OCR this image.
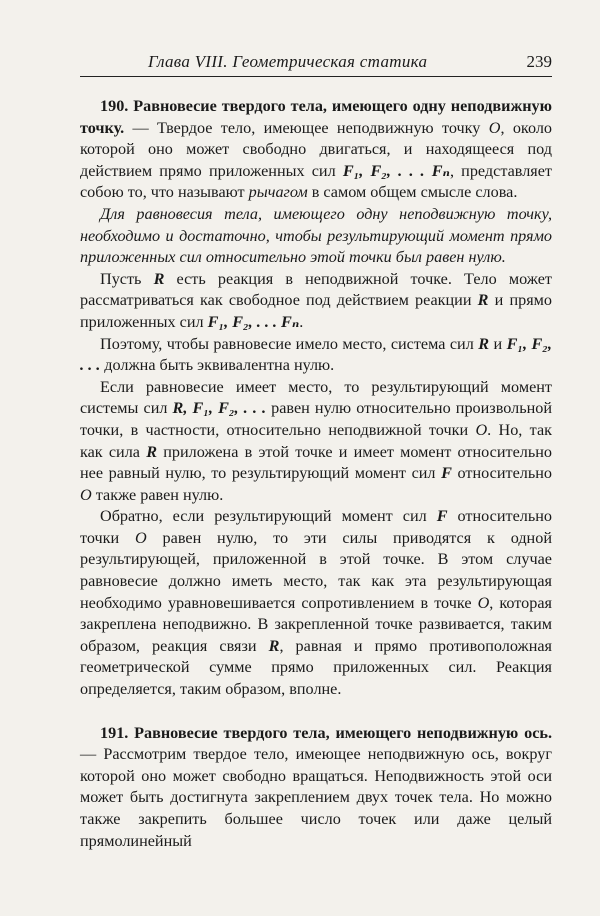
Глава VIII. Геометрическая статика	239

190. Равновесие твердого тела, имеющего одну неподвижную точку. — Твердое тело, имеющее неподвижную точку O, около которой оно может свободно двигаться, и находящееся под действием прямо приложенных сил F₁, F₂, . . . Fₙ, представляет собою то, что называют рычагом в самом общем смысле слова.

Для равновесия тела, имеющего одну неподвижную точку, необходимо и достаточно, чтобы результирующий момент прямо приложенных сил относительно этой точки был равен нулю.

Пусть R есть реакция в неподвижной точке. Тело может рассматриваться как свободное под действием реакции R и прямо приложенных сил F₁, F₂, . . . Fₙ.

Поэтому, чтобы равновесие имело место, система сил R и F₁, F₂, . . . должна быть эквивалентна нулю.

Если равновесие имеет место, то результирующий момент системы сил R, F₁, F₂, . . . равен нулю относительно произвольной точки, в частности, относительно неподвижной точки O. Но, так как сила R приложена в этой точке и имеет момент относительно нее равный нулю, то результирующий момент сил F относительно O также равен нулю.

Обратно, если результирующий момент сил F относительно точки O равен нулю, то эти силы приводятся к одной результирующей, приложенной в этой точке. В этом случае равновесие должно иметь место, так как эта результирующая необходимо уравновешивается сопротивлением в точке O, которая закреплена неподвижно. В закрепленной точке развивается, таким образом, реакция связи R, равная и прямо противоположная геометрической сумме прямо приложенных сил. Реакция определяется, таким образом, вполне.

191. Равновесие твердого тела, имеющего неподвижную ось. — Рассмотрим твердое тело, имеющее неподвижную ось, вокруг которой оно может свободно вращаться. Неподвижность этой оси может быть достигнута закреплением двух точек тела. Но можно также закрепить большее число точек или даже целый прямолинейный
